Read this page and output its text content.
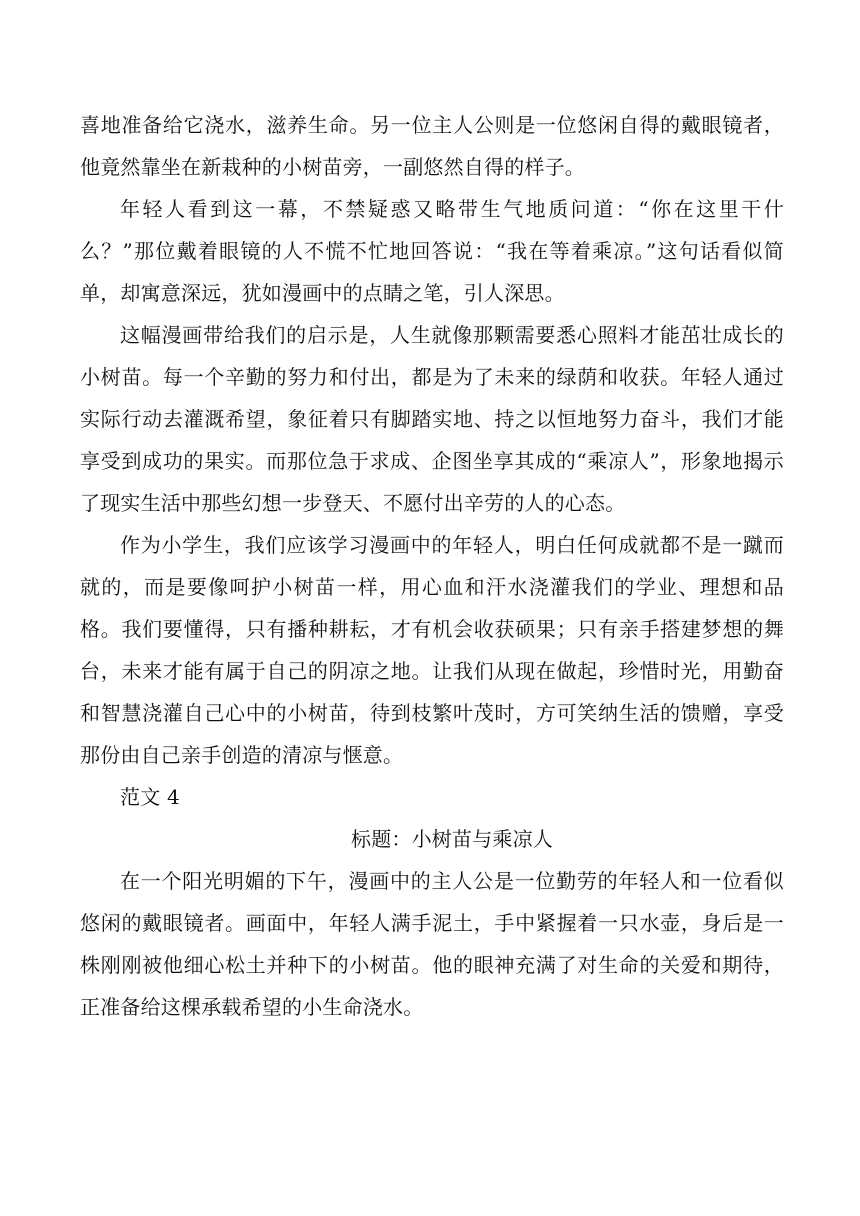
喜地准备给它浇水，滋养生命。另一位主人公则是一位悠闲自得的戴眼镜者，他竟然靠坐在新栽种的小树苗旁，一副悠然自得的样子。

年轻人看到这一幕，不禁疑惑又略带生气地质问道：“你在这里干什么？”那位戴着眼镜的人不慌不忙地回答说：“我在等着乘凉。”这句话看似简单，却寓意深远，犹如漫画中的点睛之笔，引人深思。

这幅漫画带给我们的启示是，人生就像那颗需要悉心照料才能茁壮成长的小树苗。每一个辛勤的努力和付出，都是为了未来的绿荫和收获。年轻人通过实际行动去灌溉希望，象征着只有脚踏实地、持之以恒地努力奋斗，我们才能享受到成功的果实。而那位急于求成、企图坐享其成的“乘凉人”，形象地揭示了现实生活中那些幻想一步登天、不愿付出辛劳的人的心态。

作为小学生，我们应该学习漫画中的年轻人，明白任何成就都不是一蹴而就的，而是要像呵护小树苗一样，用心血和汗水浇灌我们的学业、理想和品格。我们要懂得，只有播种耕耘，才有机会收获硕果；只有亲手搭建梦想的舞台，未来才能有属于自己的阴凉之地。让我们从现在做起，珍惜时光，用勤奋和智慧浇灌自己心中的小树苗，待到枝繁叶茂时，方可笑纳生活的馈赠，享受那份由自己亲手创造的清凉与惬意。

范文 4

标题：小树苗与乘凉人

在一个阳光明媚的下午，漫画中的主人公是一位勤劳的年轻人和一位看似悠闲的戴眼镜者。画面中，年轻人满手泥土，手中紧握着一只水壶，身后是一株刚刚被他细心松土并种下的小树苗。他的眼神充满了对生命的关爱和期待，正准备给这棵承载希望的小生命浇水。
